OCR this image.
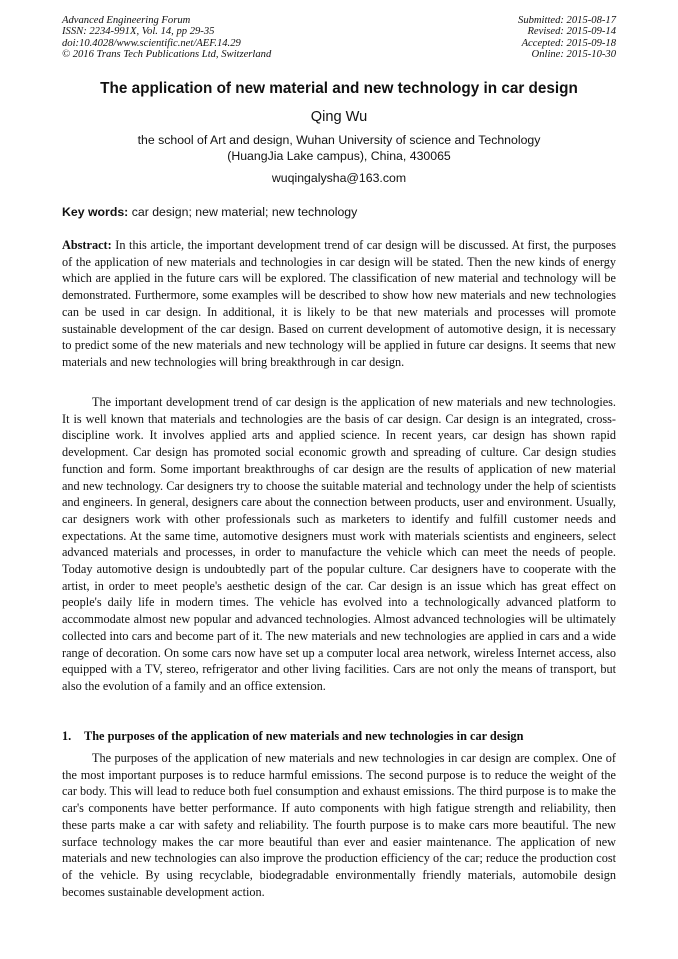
Advanced Engineering Forum
ISSN: 2234-991X, Vol. 14, pp 29-35
doi:10.4028/www.scientific.net/AEF.14.29
© 2016 Trans Tech Publications Ltd, Switzerland
Submitted: 2015-08-17
Revised: 2015-09-14
Accepted: 2015-09-18
Online: 2015-10-30
The application of new material and new technology in car design
Qing Wu
the school of Art and design, Wuhan University of science and Technology
(HuangJia Lake campus), China, 430065
wuqingalysha@163.com
Key words: car design; new material; new technology
Abstract: In this article, the important development trend of car design will be discussed. At first, the purposes of the application of new materials and technologies in car design will be stated. Then the new kinds of energy which are applied in the future cars will be explored. The classification of new material and technology will be demonstrated. Furthermore, some examples will be described to show how new materials and new technologies can be used in car design. In additional, it is likely to be that new materials and processes will promote sustainable development of the car design. Based on current development of automotive design, it is necessary to predict some of the new materials and new technology will be applied in future car designs. It seems that new materials and new technologies will bring breakthrough in car design.
The important development trend of car design is the application of new materials and new technologies. It is well known that materials and technologies are the basis of car design. Car design is an integrated, cross-discipline work. It involves applied arts and applied science. In recent years, car design has shown rapid development. Car design has promoted social economic growth and spreading of culture. Car design studies function and form. Some important breakthroughs of car design are the results of application of new material and new technology. Car designers try to choose the suitable material and technology under the help of scientists and engineers. In general, designers care about the connection between products, user and environment. Usually, car designers work with other professionals such as marketers to identify and fulfill customer needs and expectations. At the same time, automotive designers must work with materials scientists and engineers, select advanced materials and processes, in order to manufacture the vehicle which can meet the needs of people. Today automotive design is undoubtedly part of the popular culture. Car designers have to cooperate with the artist, in order to meet people's aesthetic design of the car. Car design is an issue which has great effect on people's daily life in modern times. The vehicle has evolved into a technologically advanced platform to accommodate almost new popular and advanced technologies. Almost advanced technologies will be ultimately collected into cars and become part of it. The new materials and new technologies are applied in cars and a wide range of decoration. On some cars now have set up a computer local area network, wireless Internet access, also equipped with a TV, stereo, refrigerator and other living facilities. Cars are not only the means of transport, but also the evolution of a family and an office extension.
1. The purposes of the application of new materials and new technologies in car design
The purposes of the application of new materials and new technologies in car design are complex. One of the most important purposes is to reduce harmful emissions. The second purpose is to reduce the weight of the car body. This will lead to reduce both fuel consumption and exhaust emissions. The third purpose is to make the car's components have better performance. If auto components with high fatigue strength and reliability, then these parts make a car with safety and reliability. The fourth purpose is to make cars more beautiful. The new surface technology makes the car more beautiful than ever and easier maintenance. The application of new materials and new technologies can also improve the production efficiency of the car; reduce the production cost of the vehicle. By using recyclable, biodegradable environmentally friendly materials, automobile design becomes sustainable development action.
